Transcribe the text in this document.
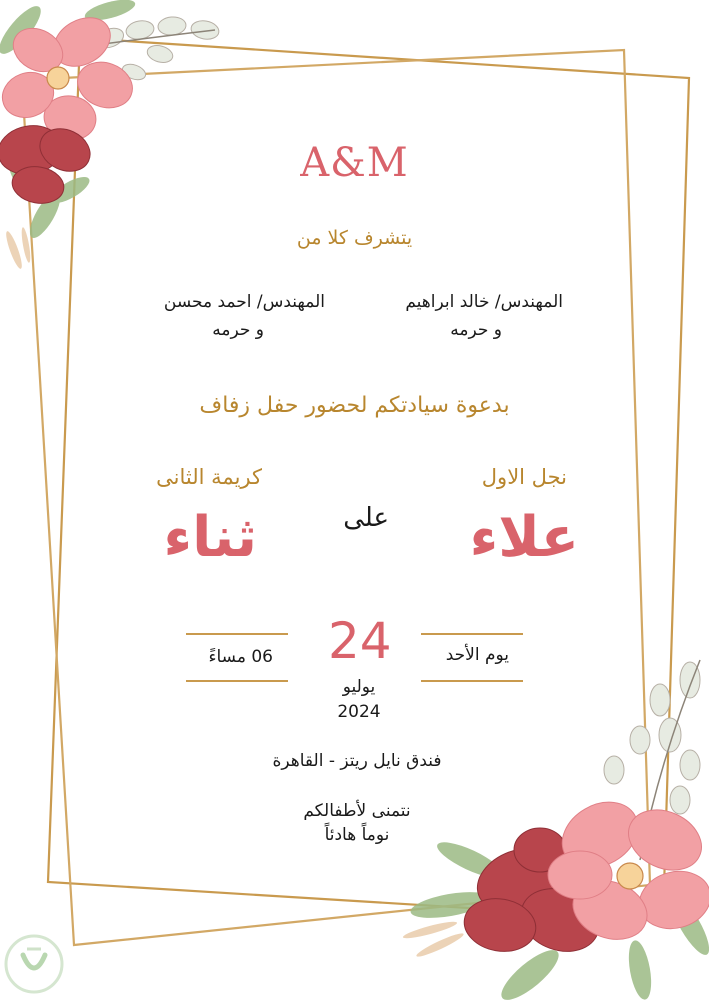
A&M
يتشرف كلا من
المهندس/ خالد ابراهيم
و حرمه
المهندس/ احمد محسن
و حرمه
بدعوة سيادتكم لحضور حفل زفاف
نجل الاول
علاء
على
كريمة الثانى
ثناء
06 مساءً 24
يوليو
2024
يوم الأحد
فندق نايل ريتز - القاهرة
نتمنى لأطفالكم
نوماً هادئاً
